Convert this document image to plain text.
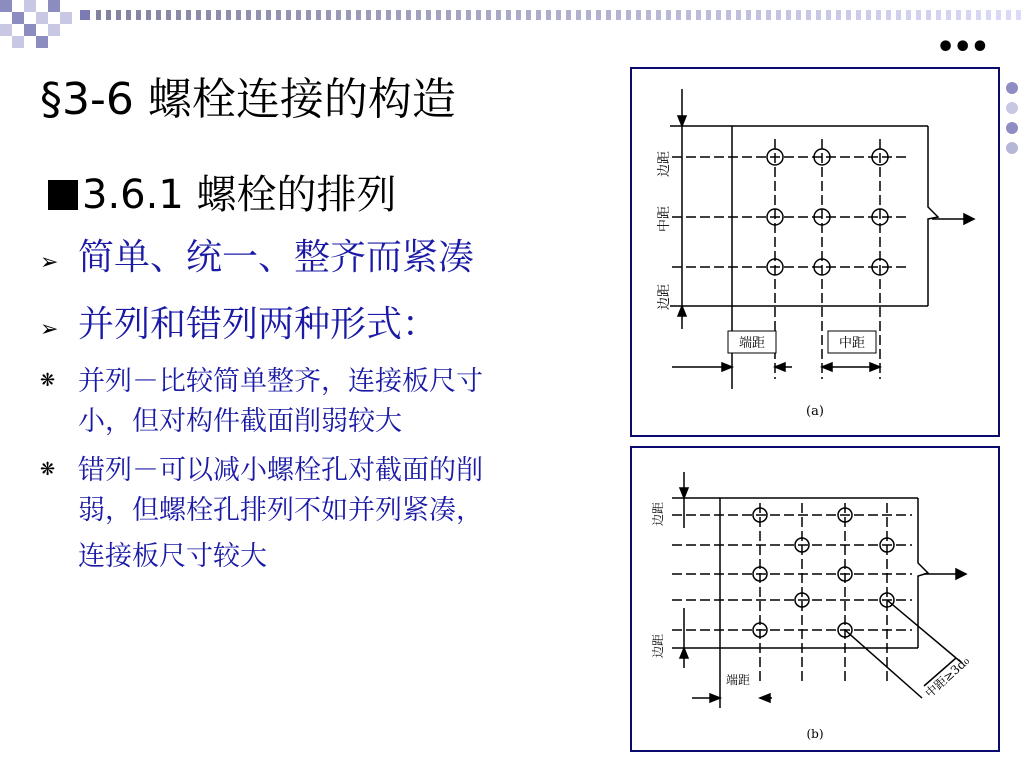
•••
§3-6 螺栓连接的构造
3.6.1 螺栓的排列
➢ 简单、统一、整齐而紧凑
➢ 并列和错列两种形式：
❋ 并列－比较简单整齐，连接板尺寸
小，但对构件截面削弱较大
❋ 错列－可以减小螺栓孔对截面的削
弱，但螺栓孔排列不如并列紧凑，
连接板尺寸较大
边距
中距
边距
端距	中距
(a)
边距
边距
端距	中距≥3d₀
(b)
